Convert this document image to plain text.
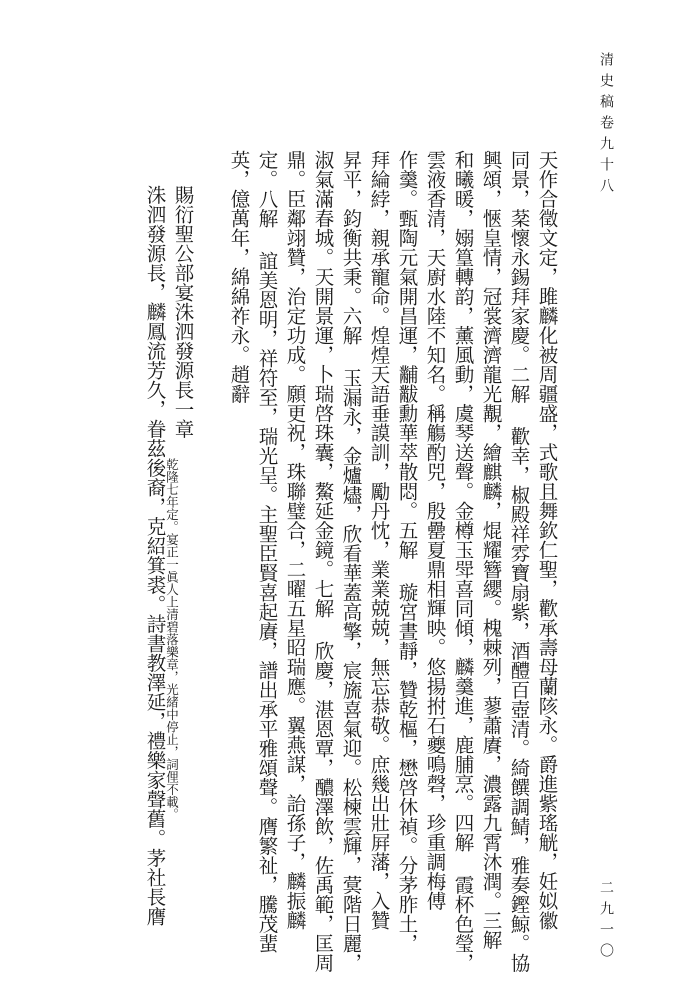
清史稿卷九十八
二九一〇
天作合徵文定，雎麟化被周疆盛，式歌且舞欽仁聖，歡承壽母蘭陔永。爵進紫瑤觥，妊姒徽
同景，棻懷永錫拜家慶。二解 歡幸，椒殿祥雰寶扇紫，酒醴百壺清。綺饌調鯖，雅奏鏗鯨。協
興頌，愜皇情，冠裳濟濟龍光覯，繪麒麟，焜耀簪纓。槐棘列，蓼蕭賡，濃露九霄沐潤。三解
和曦暖，嫋篁轉韵，薰風動，虞琴送聲。金樽玉斝喜同傾，麟羹進，鹿脯烹。四解 霞杯色瑩，
雲液香清，天廚水陸不知名。稱觴酌兕，殷罍夏鼎相輝映。悠揚拊石夔鳴磬，珍重調梅傅
作羹。甄陶元氣開昌運，黼黻勳華萃散悶。五解 璇宮晝靜，贊乾樞，懋啓休禎。分茅胙土，
拜綸綍，親承寵命。煌煌天語垂謨訓，勵丹忱，業業兢兢，無忘恭敬。庶幾出壯屛藩，入贊
昇平，鈞衡共秉。六解 玉漏永，金爐燼，欣看華蓋高擎，宸旒喜氣迎。松楝雲輝，蓂階日麗，
淑氣滿春城。天開景運，卜瑞啓珠囊，鰲延金鏡。七解 欣慶，湛恩覃，醲澤飲，佐禹範，匡周
鼎。臣鄰翊贊，治定功成。願更祝，珠聯璧合，二曜五星昭瑞應。翼燕謀，詒孫子，麟振麟
定。八解 誼美恩明，祥符至，瑞光呈。主聖臣賢喜起賡，譜出承平雅頌聲。膺繁祉，騰茂蜚
英，億萬年，綿綿祚永。趙辭
賜衍聖公部宴洙泗發源長一章
乾隆七年定。宴正一眞人上清碧落樂章，光緒中停止，詞俚不載。
洙泗發源長，麟鳳流芳久，眷茲後裔，克紹箕裘。詩書教澤延，禮樂家聲舊。茅社長膺
